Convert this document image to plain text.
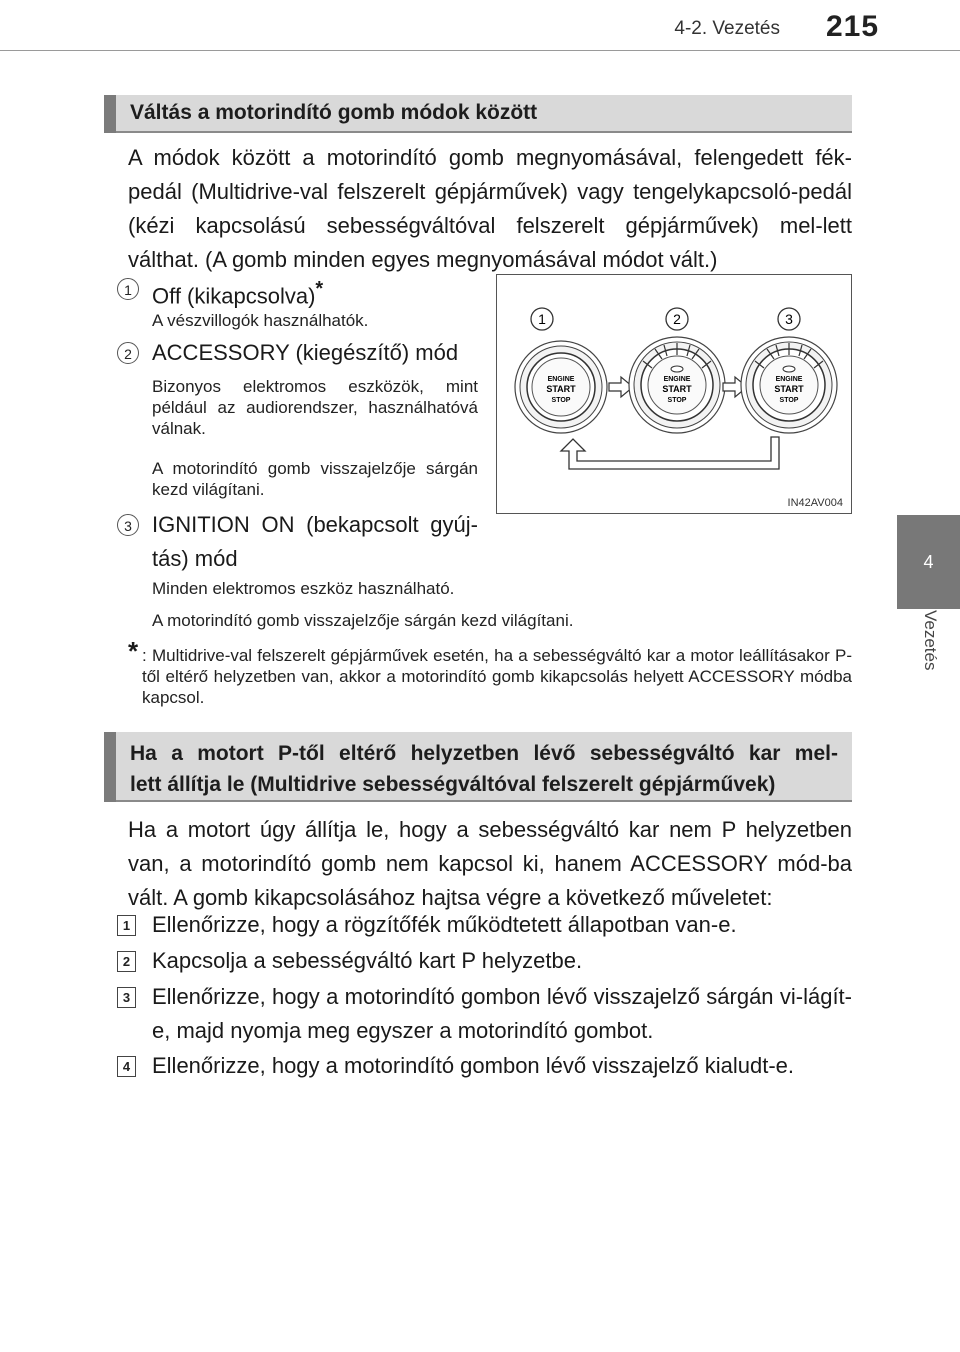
4-2. Vezetés 215
4
Vezetés
Váltás a motorindító gomb módok között
A módok között a motorindító gomb megnyomásával, felengedett fék-pedál (Multidrive-val felszerelt gépjárművek) vagy tengelykapcsoló-pedál (kézi kapcsolású sebességváltóval felszerelt gépjárművek) mel-lett válthat. (A gomb minden egyes megnyomásával módot vált.)
1 Off (kikapcsolva)*
A vészvillogók használhatók.
2 ACCESSORY (kiegészítő) mód
Bizonyos elektromos eszközök, mint például az audiorendszer, használhatóvá válnak.
A motorindító gomb visszajelzője sárgán kezd világítani.
3 IGNITION ON (bekapcsolt gyúj-tás) mód
Minden elektromos eszköz használható.
A motorindító gomb visszajelzője sárgán kezd világítani.
* : Multidrive-val felszerelt gépjárművek esetén, ha a sebességváltó kar a motor leállításakor P-től eltérő helyzetben van, akkor a motorindító gomb kikapcsolás helyett ACCESSORY módba kapcsol.
1	2	3
ENGINE
START
STOP
ENGINE
START
STOP
ENGINE
START
STOP
IN42AV004
Ha a motort P-től eltérő helyzetben lévő sebességváltó kar mel-
lett állítja le (Multidrive sebességváltóval felszerelt gépjárművek)
Ha a motort úgy állítja le, hogy a sebességváltó kar nem P helyzetben van, a motorindító gomb nem kapcsol ki, hanem ACCESSORY mód-ba vált. A gomb kikapcsolásához hajtsa végre a következő műveletet:
1 Ellenőrizze, hogy a rögzítőfék működtetett állapotban van-e.
2 Kapcsolja a sebességváltó kart P helyzetbe.
3 Ellenőrizze, hogy a motorindító gombon lévő visszajelző sárgán vi-lágít-e, majd nyomja meg egyszer a motorindító gombot.
4 Ellenőrizze, hogy a motorindító gombon lévő visszajelző kialudt-e.
